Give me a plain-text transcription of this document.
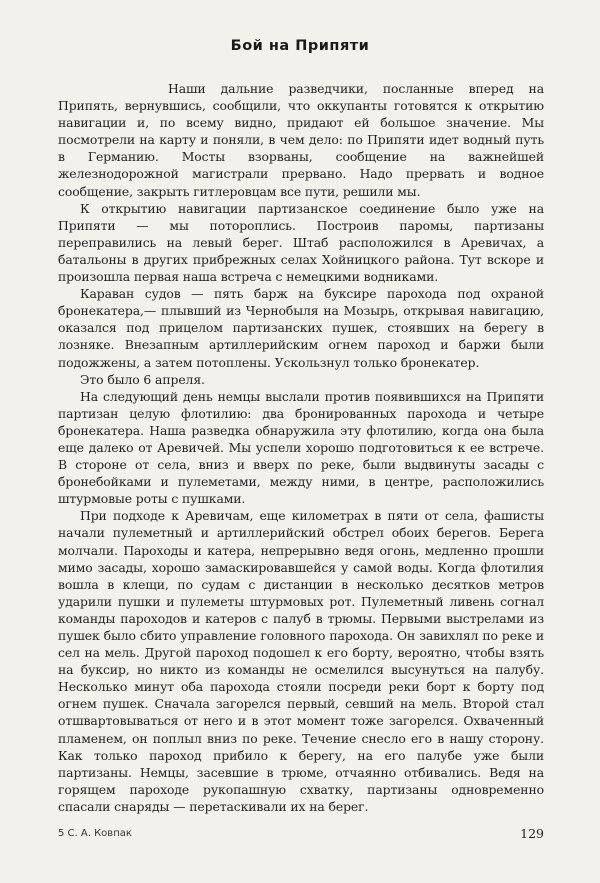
Бой на Припяти

Наши дальние разведчики, посланные вперед на Припять, вернувшись, сообщили, что оккупанты готовятся к открытию навигации и, по всему видно, придают ей большое значение. Мы посмотрели на карту и поняли, в чем дело: по Припяти идет водный путь в Германию. Мосты взорваны, сообщение на важнейшей железнодорожной магистрали прервано. Надо прервать и водное сообщение, закрыть гитлеровцам все пути, решили мы.

К открытию навигации партизанское соединение было уже на Припяти — мы потороплись. Построив паромы, партизаны переправились на левый берег. Штаб расположился в Аревичах, а батальоны в других прибрежных селах Хойницкого района. Тут вскоре и произошла первая наша встреча с немецкими водниками.

Караван судов — пять барж на буксире парохода под охраной бронекатера,— плывший из Чернобыля на Мозырь, открывая навигацию, оказался под прицелом партизанских пушек, стоявших на берегу в лозняке. Внезапным артиллерийским огнем пароход и баржи были подожжены, а затем потоплены. Ускользнул только бронекатер.

Это было 6 апреля.

На следующий день немцы выслали против появившихся на Припяти партизан целую флотилию: два бронированных парохода и четыре бронекатера. Наша разведка обнаружила эту флотилию, когда она была еще далеко от Аревичей. Мы успели хорошо подготовиться к ее встрече. В стороне от села, вниз и вверх по реке, были выдвинуты засады с бронебойками и пулеметами, между ними, в центре, расположились штурмовые роты с пушками.

При подходе к Аревичам, еще километрах в пяти от села, фашисты начали пулеметный и артиллерийский обстрел обоих берегов. Берега молчали. Пароходы и катера, непрерывно ведя огонь, медленно прошли мимо засады, хорошо замаскировавшейся у самой воды. Когда флотилия вошла в клещи, по судам с дистанции в несколько десятков метров ударили пушки и пулеметы штурмовых рот. Пулеметный ливень согнал команды пароходов и катеров с палуб в трюмы. Первыми выстрелами из пушек было сбито управление головного парохода. Он завихлял по реке и сел на мель. Другой пароход подошел к его борту, вероятно, чтобы взять на буксир, но никто из команды не осмелился высунуться на палубу. Несколько минут оба парохода стояли посреди реки борт к борту под огнем пушек. Сначала загорелся первый, севший на мель. Второй стал отшвартовываться от него и в этот момент тоже загорелся. Охваченный пламенем, он поплыл вниз по реке. Течение снесло его в нашу сторону. Как только пароход прибило к берегу, на его палубе уже были партизаны. Немцы, засевшие в трюме, отчаянно отбивались. Ведя на горящем пароходе рукопашную схватку, партизаны одновременно спасали снаряды — перетаскивали их на берег.

5 С. А. Ковпак	129
